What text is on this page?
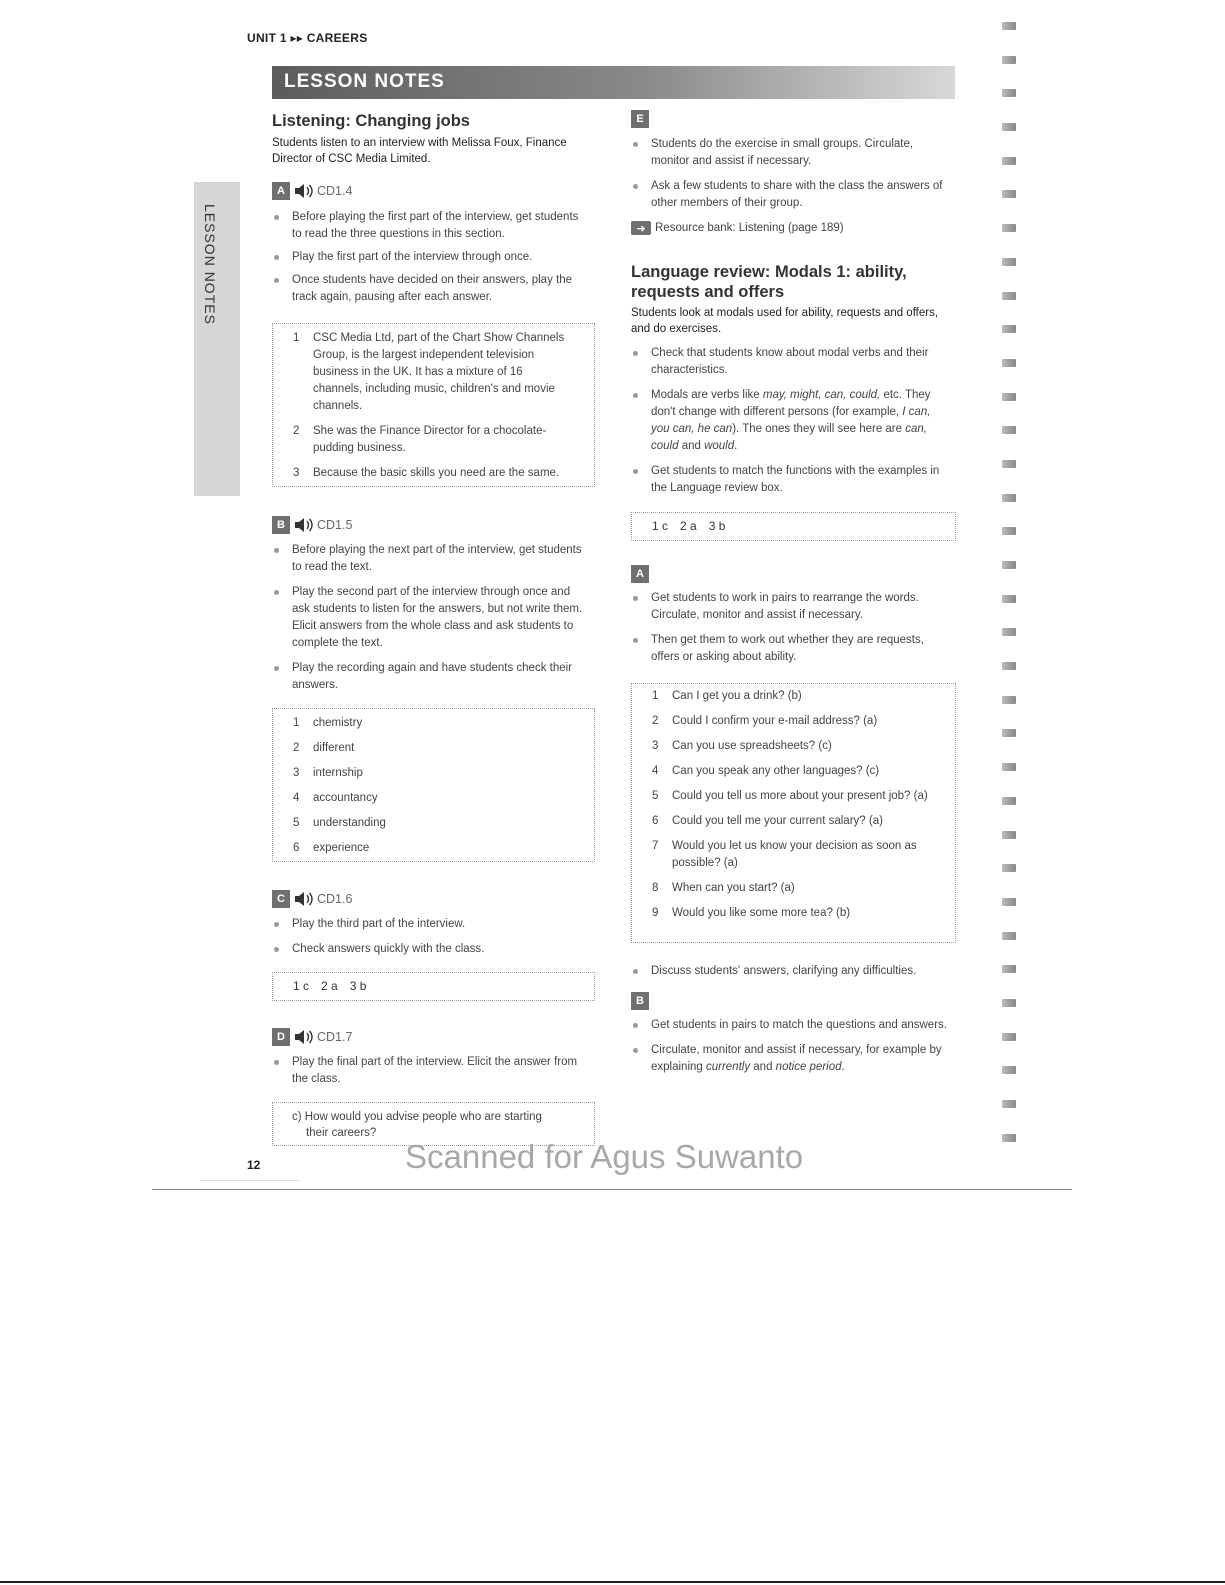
UNIT 1 ▸▸ CAREERS
LESSON NOTES
LESSON NOTES
Listening: Changing jobs
Students listen to an interview with Melissa Foux, Finance Director of CSC Media Limited.
A	CD1.4
Before playing the first part of the interview, get students to read the three questions in this section.
Play the first part of the interview through once.
Once students have decided on their answers, play the track again, pausing after each answer.
1	CSC Media Ltd, part of the Chart Show Channels Group, is the largest independent television business in the UK. It has a mixture of 16 channels, including music, children's and movie channels.
2	She was the Finance Director for a chocolate-pudding business.
3	Because the basic skills you need are the same.
B	CD1.5
Before playing the next part of the interview, get students to read the text.
Play the second part of the interview through once and ask students to listen for the answers, but not write them. Elicit answers from the whole class and ask students to complete the text.
Play the recording again and have students check their answers.
1	chemistry
2	different
3	internship
4	accountancy
5	understanding
6	experience
C	CD1.6
Play the third part of the interview.
Check answers quickly with the class.
1 c 2 a 3 b
D	CD1.7
Play the final part of the interview. Elicit the answer from the class.
c) How would you advise people who are starting
their careers?
E
Students do the exercise in small groups. Circulate, monitor and assist if necessary.
Ask a few students to share with the class the answers of other members of their group.
➜ Resource bank: Listening (page 189)
Language review: Modals 1: ability,
requests and offers
Students look at modals used for ability, requests and offers, and do exercises.
Check that students know about modal verbs and their characteristics.
Modals are verbs like may, might, can, could, etc. They don't change with different persons (for example, I can, you can, he can). The ones they will see here are can, could and would.
Get students to match the functions with the examples in the Language review box.
1 c 2 a 3 b
A
Get students to work in pairs to rearrange the words. Circulate, monitor and assist if necessary.
Then get them to work out whether they are requests, offers or asking about ability.
1	Can I get you a drink? (b)
2	Could I confirm your e-mail address? (a)
3	Can you use spreadsheets? (c)
4	Can you speak any other languages? (c)
5	Could you tell us more about your present job? (a)
6	Could you tell me your current salary? (a)
7	Would you let us know your decision as soon as possible? (a)
8	When can you start? (a)
9	Would you like some more tea? (b)
Discuss students' answers, clarifying any difficulties.
B
Get students in pairs to match the questions and answers.
Circulate, monitor and assist if necessary, for example by explaining currently and notice period.
12	Scanned for Agus Suwanto
